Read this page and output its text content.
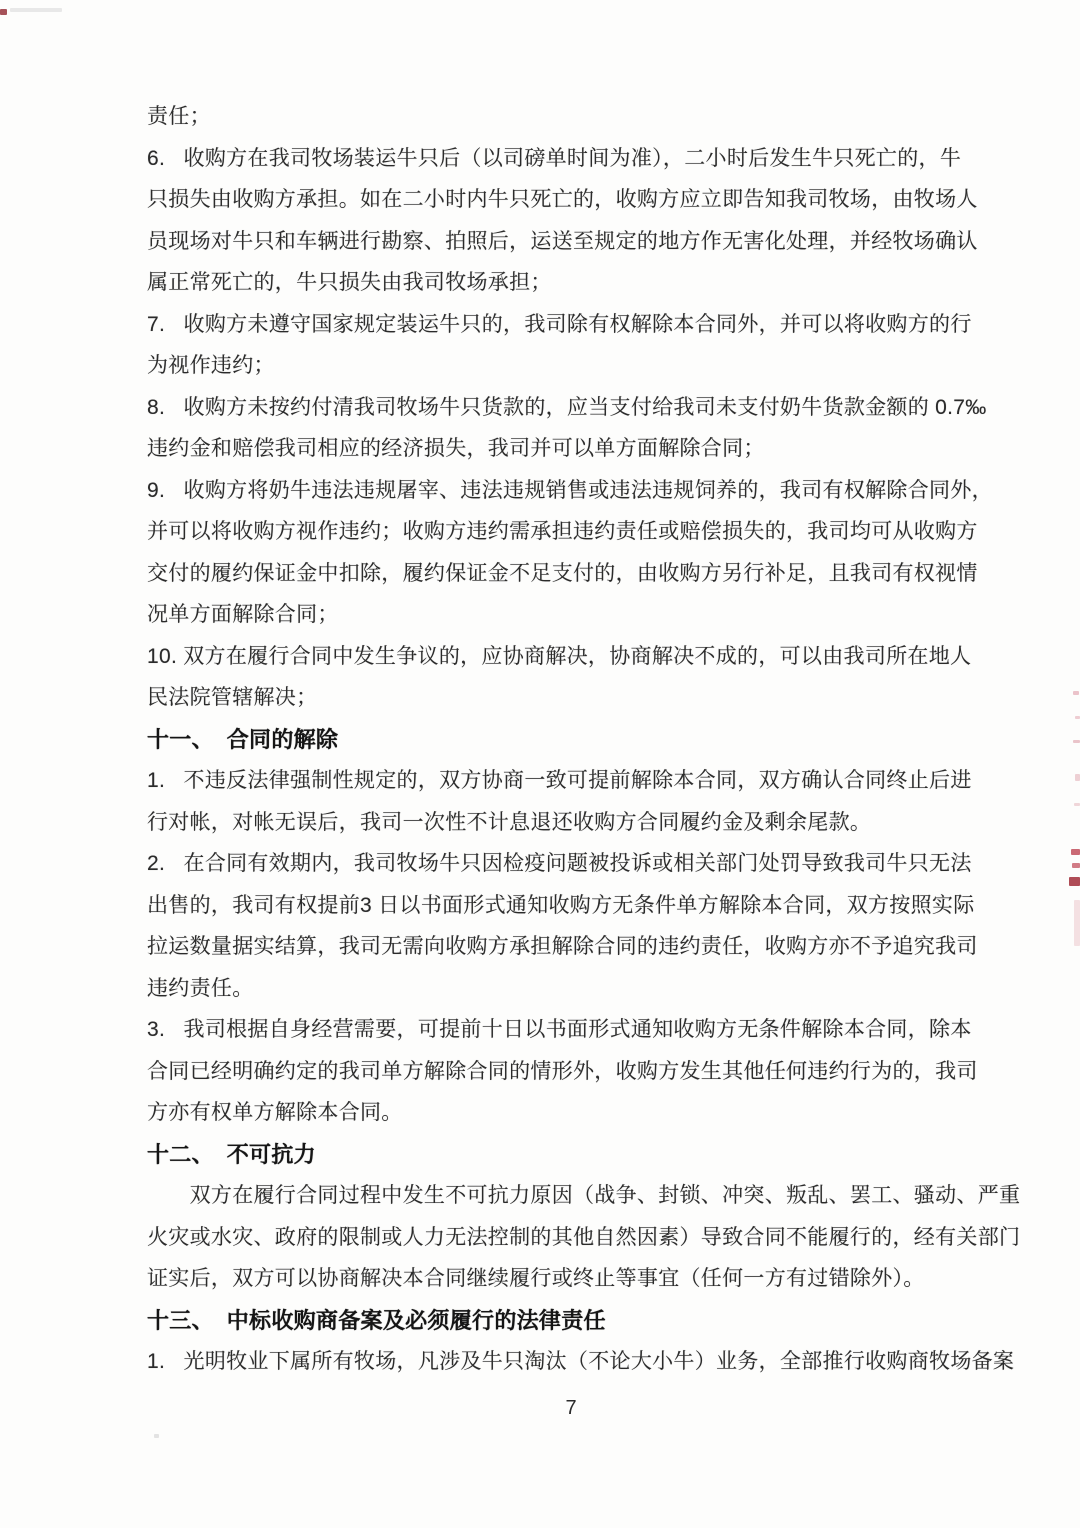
责任；
6.   收购方在我司牧场装运牛只后（以司磅单时间为准），二小时后发生牛只死亡的，牛
只损失由收购方承担。如在二小时内牛只死亡的，收购方应立即告知我司牧场，由牧场人
员现场对牛只和车辆进行勘察、拍照后，运送至规定的地方作无害化处理，并经牧场确认
属正常死亡的，牛只损失由我司牧场承担；
7.   收购方未遵守国家规定装运牛只的，我司除有权解除本合同外，并可以将收购方的行
为视作违约；
8.   收购方未按约付清我司牧场牛只货款的，应当支付给我司未支付奶牛货款金额的 0.7‰
违约金和赔偿我司相应的经济损失，我司并可以单方面解除合同；
9.   收购方将奶牛违法违规屠宰、违法违规销售或违法违规饲养的，我司有权解除合同外，
并可以将收购方视作违约；收购方违约需承担违约责任或赔偿损失的，我司均可从收购方
交付的履约保证金中扣除，履约保证金不足支付的，由收购方另行补足，且我司有权视情
况单方面解除合同；
10. 双方在履行合同中发生争议的，应协商解决，协商解决不成的，可以由我司所在地人
民法院管辖解决；
十一、  合同的解除
1.   不违反法律强制性规定的，双方协商一致可提前解除本合同，双方确认合同终止后进
行对帐，对帐无误后，我司一次性不计息退还收购方合同履约金及剩余尾款。
2.   在合同有效期内，我司牧场牛只因检疫问题被投诉或相关部门处罚导致我司牛只无法
出售的，我司有权提前3 日以书面形式通知收购方无条件单方解除本合同，双方按照实际
拉运数量据实结算，我司无需向收购方承担解除合同的违约责任，收购方亦不予追究我司
违约责任。
3.   我司根据自身经营需要，可提前十日以书面形式通知收购方无条件解除本合同，除本
合同已经明确约定的我司单方解除合同的情形外，收购方发生其他任何违约行为的，我司
方亦有权单方解除本合同。
十二、  不可抗力
　　双方在履行合同过程中发生不可抗力原因（战争、封锁、冲突、叛乱、罢工、骚动、严重
火灾或水灾、政府的限制或人力无法控制的其他自然因素）导致合同不能履行的，经有关部门
证实后，双方可以协商解决本合同继续履行或终止等事宜（任何一方有过错除外）。
十三、  中标收购商备案及必须履行的法律责任
1.   光明牧业下属所有牧场，凡涉及牛只淘汰（不论大小牛）业务，全部推行收购商牧场备案
7
